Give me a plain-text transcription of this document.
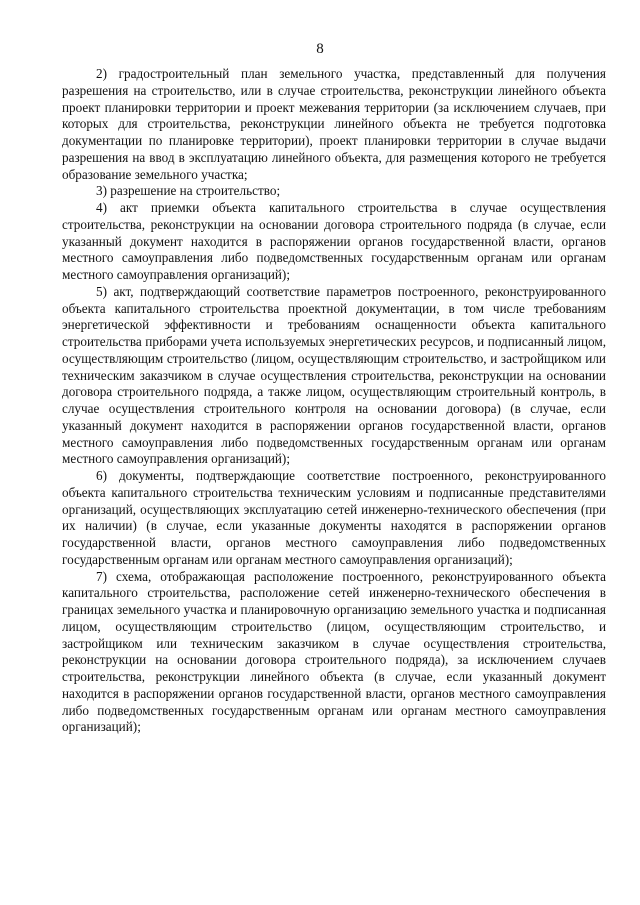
8

2) градостроительный план земельного участка, представленный для получения разрешения на строительство, или в случае строительства, реконструкции линейного объекта проект планировки территории и проект межевания территории (за исключением случаев, при которых для строительства, реконструкции линейного объекта не требуется подготовка документации по планировке территории), проект планировки территории в случае выдачи разрешения на ввод в эксплуатацию линейного объекта, для размещения которого не требуется образование земельного участка;

3) разрешение на строительство;

4) акт приемки объекта капитального строительства в случае осуществления строительства, реконструкции на основании договора строительного подряда (в случае, если указанный документ находится в распоряжении органов государственной власти, органов местного самоуправления либо подведомственных государственным органам или органам местного самоуправления организаций);

5) акт, подтверждающий соответствие параметров построенного, реконструированного объекта капитального строительства проектной документации, в том числе требованиям энергетической эффективности и требованиям оснащенности объекта капитального строительства приборами учета используемых энергетических ресурсов, и подписанный лицом, осуществляющим строительство (лицом, осуществляющим строительство, и застройщиком или техническим заказчиком в случае осуществления строительства, реконструкции на основании договора строительного подряда, а также лицом, осуществляющим строительный контроль, в случае осуществления строительного контроля на основании договора) (в случае, если указанный документ находится в распоряжении органов государственной власти, органов местного самоуправления либо подведомственных государственным органам или органам местного самоуправления организаций);

6) документы, подтверждающие соответствие построенного, реконструированного объекта капитального строительства техническим условиям и подписанные представителями организаций, осуществляющих эксплуатацию сетей инженерно-технического обеспечения (при их наличии) (в случае, если указанные документы находятся в распоряжении органов государственной власти, органов местного самоуправления либо подведомственных государственным органам или органам местного самоуправления организаций);

7) схема, отображающая расположение построенного, реконструированного объекта капитального строительства, расположение сетей инженерно-технического обеспечения в границах земельного участка и планировочную организацию земельного участка и подписанная лицом, осуществляющим строительство (лицом, осуществляющим строительство, и застройщиком или техническим заказчиком в случае осуществления строительства, реконструкции на основании договора строительного подряда), за исключением случаев строительства, реконструкции линейного объекта (в случае, если указанный документ находится в распоряжении органов государственной власти, органов местного самоуправления либо подведомственных государственным органам или органам местного самоуправления организаций);
